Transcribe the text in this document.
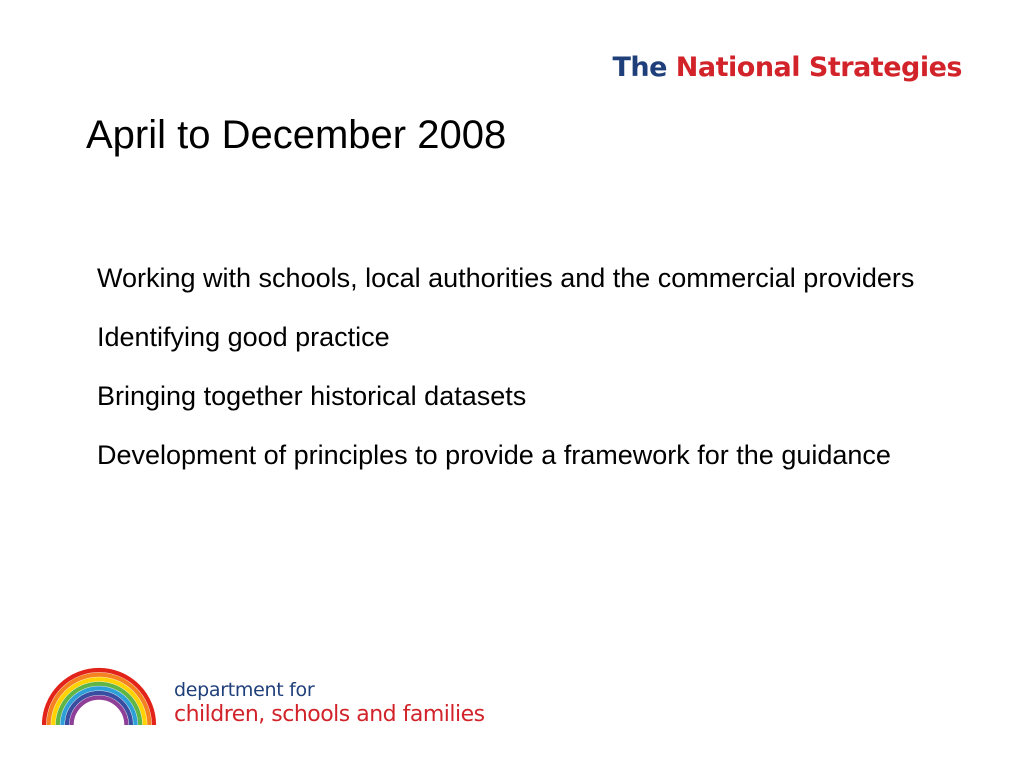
The National Strategies
April to December 2008
Working with schools, local authorities and the commercial providers
Identifying good practice
Bringing together historical datasets
Development of principles to provide a framework for the guidance
department for
children, schools and families
